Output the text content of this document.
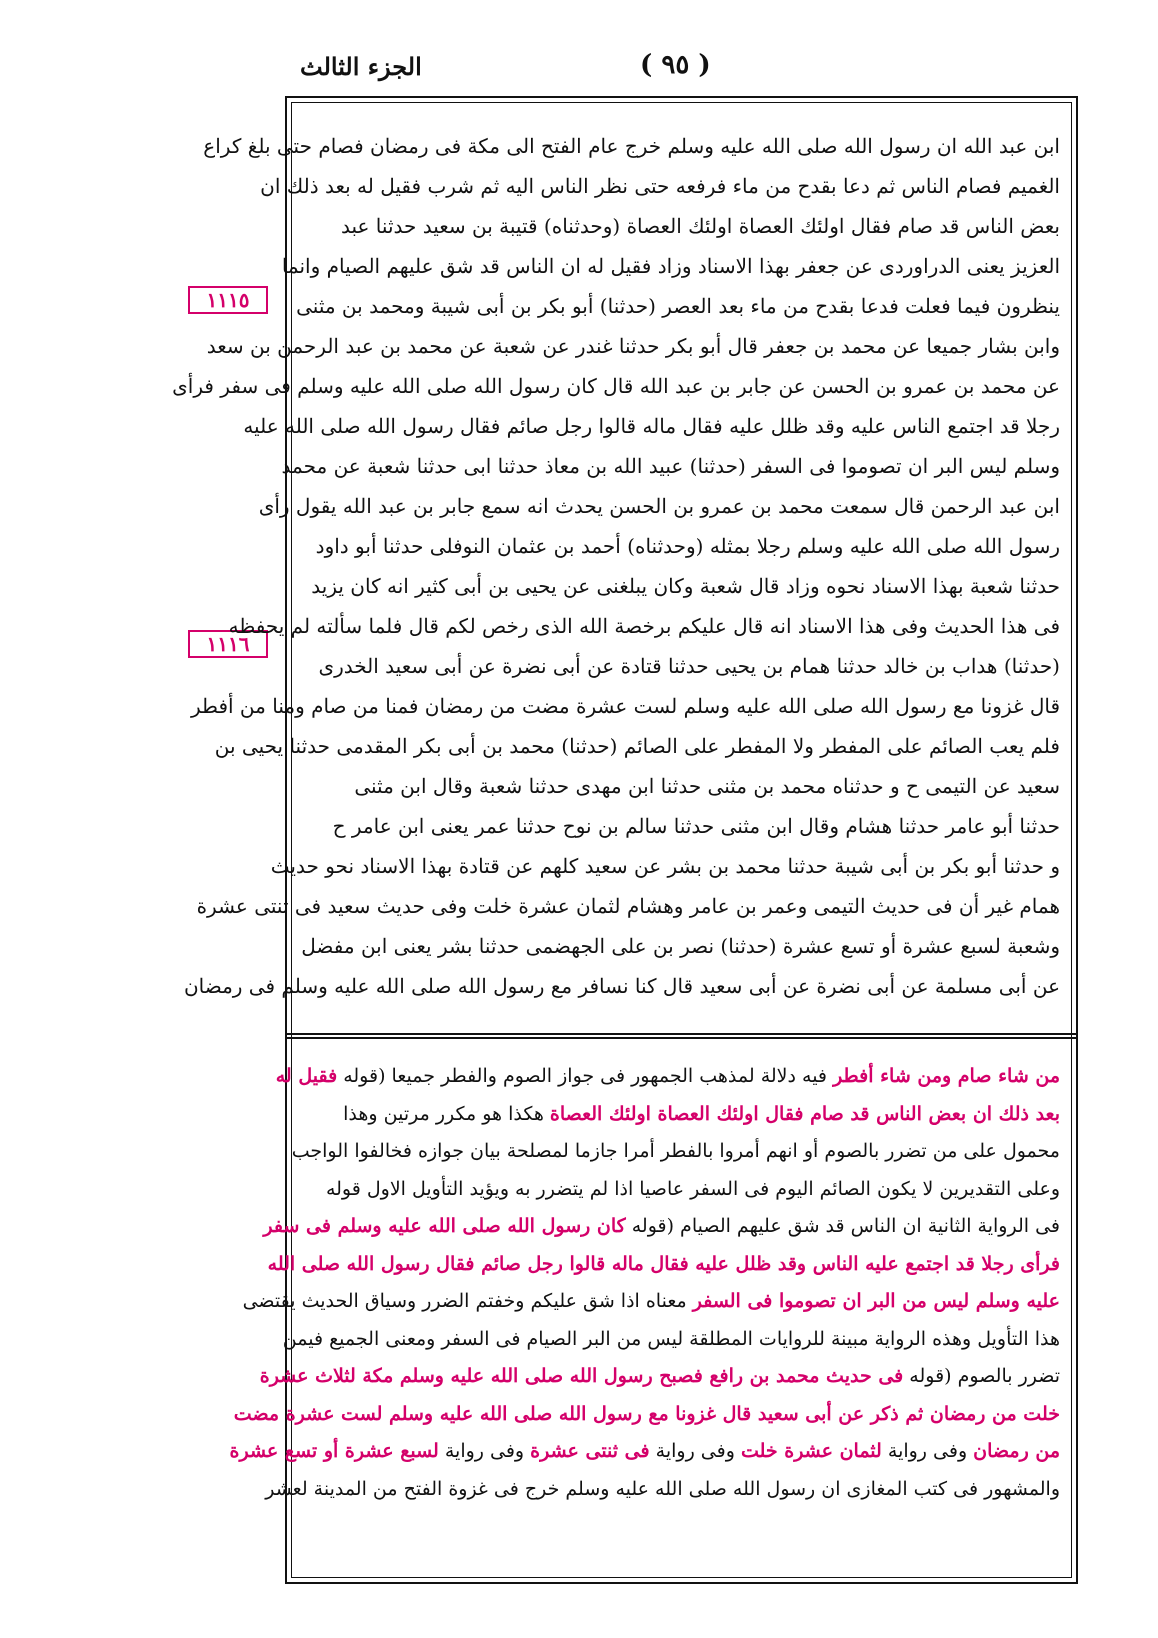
الجزء الثالث	( ٩٥ )
١١١٥
١١١٦
ابن عبد الله ان رسول الله صلى الله عليه وسلم خرج عام الفتح الى مكة فى رمضان فصام حتى بلغ كراع
الغميم فصام الناس ثم دعا بقدح من ماء فرفعه حتى نظر الناس اليه ثم شرب فقيل له بعد ذلك ان
بعض الناس قد صام فقال اولئك العصاة اولئك العصاة (وحدثناه) قتيبة بن سعيد حدثنا عبد
العزيز يعنى الدراوردى عن جعفر بهذا الاسناد وزاد فقيل له ان الناس قد شق عليهم الصيام وانما
ينظرون فيما فعلت فدعا بقدح من ماء بعد العصر (حدثنا) أبو بكر بن أبى شيبة ومحمد بن مثنى
وابن بشار جميعا عن محمد بن جعفر قال أبو بكر حدثنا غندر عن شعبة عن محمد بن عبد الرحمن بن سعد
عن محمد بن عمرو بن الحسن عن جابر بن عبد الله قال كان رسول الله صلى الله عليه وسلم فى سفر فرأى
رجلا قد اجتمع الناس عليه وقد ظلل عليه فقال ماله قالوا رجل صائم فقال رسول الله صلى الله عليه
وسلم ليس البر ان تصوموا فى السفر (حدثنا) عبيد الله بن معاذ حدثنا ابى حدثنا شعبة عن محمد
ابن عبد الرحمن قال سمعت محمد بن عمرو بن الحسن يحدث انه سمع جابر بن عبد الله يقول رأى
رسول الله صلى الله عليه وسلم رجلا بمثله (وحدثناه) أحمد بن عثمان النوفلى حدثنا أبو داود
حدثنا شعبة بهذا الاسناد نحوه وزاد قال شعبة وكان يبلغنى عن يحيى بن أبى كثير انه كان يزيد
فى هذا الحديث وفى هذا الاسناد انه قال عليكم برخصة الله الذى رخص لكم قال فلما سألته لم يحفظه
(حدثنا) هداب بن خالد حدثنا همام بن يحيى حدثنا قتادة عن أبى نضرة عن أبى سعيد الخدرى
قال غزونا مع رسول الله صلى الله عليه وسلم لست عشرة مضت من رمضان فمنا من صام ومنا من أفطر
فلم يعب الصائم على المفطر ولا المفطر على الصائم (حدثنا) محمد بن أبى بكر المقدمى حدثنا يحيى بن
سعيد عن التيمى ح و حدثناه محمد بن مثنى حدثنا ابن مهدى حدثنا شعبة وقال ابن مثنى
حدثنا أبو عامر حدثنا هشام وقال ابن مثنى حدثنا سالم بن نوح حدثنا عمر يعنى ابن عامر ح
و حدثنا أبو بكر بن أبى شيبة حدثنا محمد بن بشر عن سعيد كلهم عن قتادة بهذا الاسناد نحو حديث
همام غير أن فى حديث التيمى وعمر بن عامر وهشام لثمان عشرة خلت وفى حديث سعيد فى ثنتى عشرة
وشعبة لسبع عشرة أو تسع عشرة (حدثنا) نصر بن على الجهضمى حدثنا بشر يعنى ابن مفضل
عن أبى مسلمة عن أبى نضرة عن أبى سعيد قال كنا نسافر مع رسول الله صلى الله عليه وسلم فى رمضان
من شاء صام ومن شاء أفطر فيه دلالة لمذهب الجمهور فى جواز الصوم والفطر جميعا (قوله فقيل له
بعد ذلك ان بعض الناس قد صام فقال اولئك العصاة اولئك العصاة هكذا هو مكرر مرتين وهذا
محمول على من تضرر بالصوم أو انهم أمروا بالفطر أمرا جازما لمصلحة بيان جوازه فخالفوا الواجب
وعلى التقديرين لا يكون الصائم اليوم فى السفر عاصيا اذا لم يتضرر به ويؤيد التأويل الاول قوله
فى الرواية الثانية ان الناس قد شق عليهم الصيام (قوله كان رسول الله صلى الله عليه وسلم فى سفر
فرأى رجلا قد اجتمع عليه الناس وقد ظلل عليه فقال ماله قالوا رجل صائم فقال رسول الله صلى الله
عليه وسلم ليس من البر ان تصوموا فى السفر معناه اذا شق عليكم وخفتم الضرر وسياق الحديث يقتضى
هذا التأويل وهذه الرواية مبينة للروايات المطلقة ليس من البر الصيام فى السفر ومعنى الجميع فيمن
تضرر بالصوم (قوله فى حديث محمد بن رافع فصبح رسول الله صلى الله عليه وسلم مكة لثلاث عشرة
خلت من رمضان ثم ذكر عن أبى سعيد قال غزونا مع رسول الله صلى الله عليه وسلم لست عشرة مضت
من رمضان وفى رواية لثمان عشرة خلت وفى رواية فى ثنتى عشرة وفى رواية لسبع عشرة أو تسع عشرة
والمشهور فى كتب المغازى ان رسول الله صلى الله عليه وسلم خرج فى غزوة الفتح من المدينة لعشر
